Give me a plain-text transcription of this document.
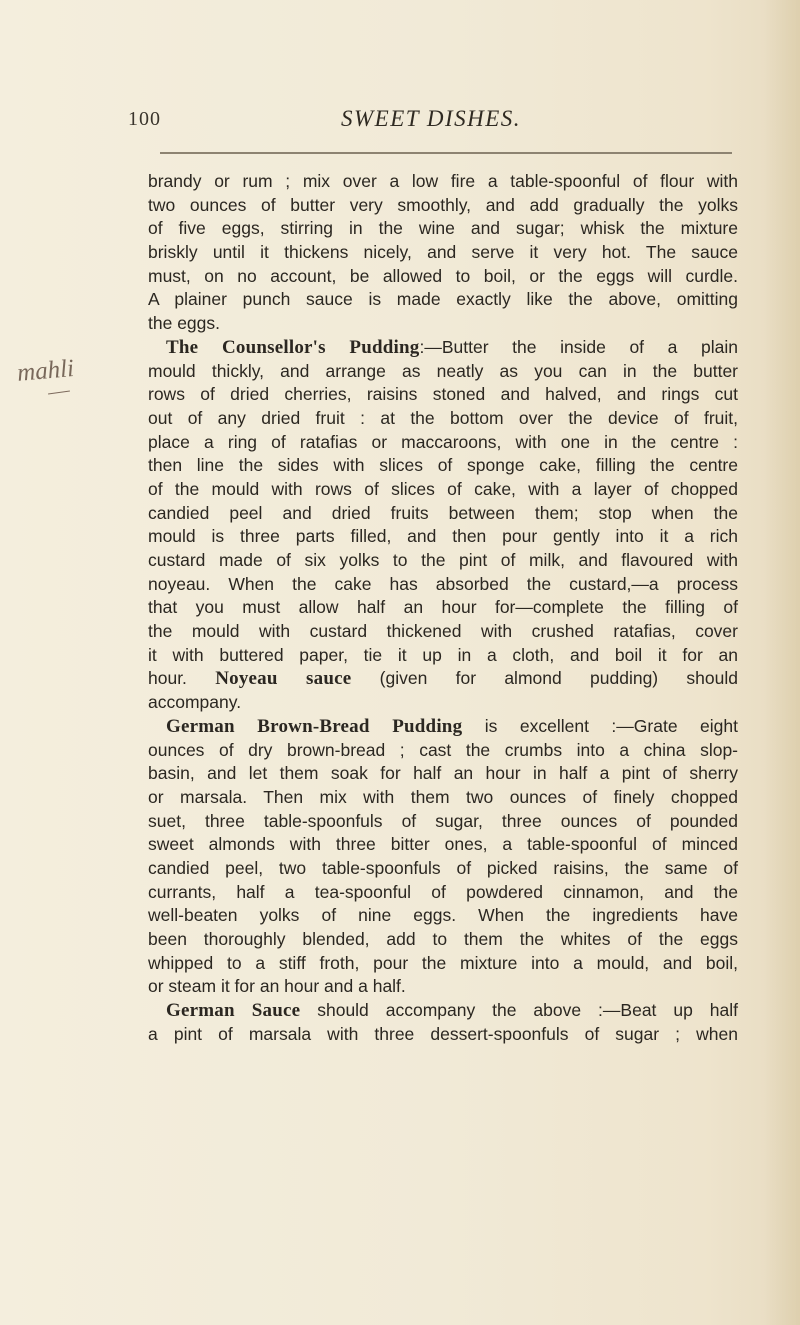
100	SWEET DISHES.
mahli
brandy or rum ; mix over a low fire a table-spoonful of flour with
two ounces of butter very smoothly, and add gradually the yolks
of five eggs, stirring in the wine and sugar; whisk the mixture
briskly until it thickens nicely, and serve it very hot. The sauce
must, on no account, be allowed to boil, or the eggs will curdle.
A plainer punch sauce is made exactly like the above, omitting
the eggs.
The Counsellor's Pudding:—Butter the inside of a plain
mould thickly, and arrange as neatly as you can in the butter
rows of dried cherries, raisins stoned and halved, and rings cut
out of any dried fruit : at the bottom over the device of fruit,
place a ring of ratafias or maccaroons, with one in the centre :
then line the sides with slices of sponge cake, filling the centre
of the mould with rows of slices of cake, with a layer of chopped
candied peel and dried fruits between them; stop when the
mould is three parts filled, and then pour gently into it a rich
custard made of six yolks to the pint of milk, and flavoured with
noyeau. When the cake has absorbed the custard,—a process
that you must allow half an hour for—complete the filling of
the mould with custard thickened with crushed ratafias, cover
it with buttered paper, tie it up in a cloth, and boil it for an
hour. Noyeau sauce (given for almond pudding) should
accompany.
German Brown-Bread Pudding is excellent :—Grate eight
ounces of dry brown-bread ; cast the crumbs into a china slop-
basin, and let them soak for half an hour in half a pint of sherry
or marsala. Then mix with them two ounces of finely chopped
suet, three table-spoonfuls of sugar, three ounces of pounded
sweet almonds with three bitter ones, a table-spoonful of minced
candied peel, two table-spoonfuls of picked raisins, the same of
currants, half a tea-spoonful of powdered cinnamon, and the
well-beaten yolks of nine eggs. When the ingredients have
been thoroughly blended, add to them the whites of the eggs
whipped to a stiff froth, pour the mixture into a mould, and boil,
or steam it for an hour and a half.
German Sauce should accompany the above :—Beat up half
a pint of marsala with three dessert-spoonfuls of sugar ; when
